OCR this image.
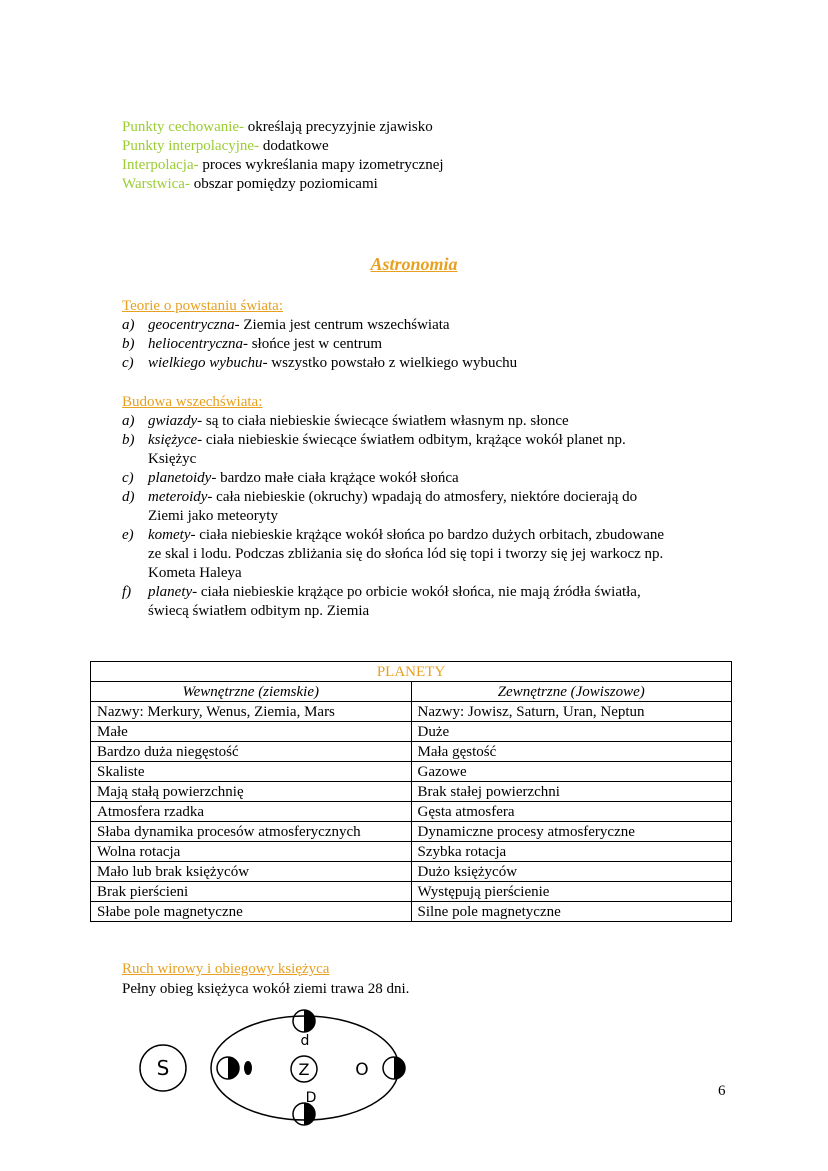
Punkty cechowanie- określają precyzyjnie zjawisko
Punkty interpolacyjne- dodatkowe
Interpolacja- proces wykreślania mapy izometrycznej
Warstwica- obszar pomiędzy poziomicami
Astronomia
Teorie o powstaniu świata:
a) geocentryczna- Ziemia jest centrum wszechświata
b) heliocentryczna- słońce jest w centrum
c) wielkiego wybuchu- wszystko powstało z wielkiego wybuchu
Budowa wszechświata:
a) gwiazdy- są to ciała niebieskie świecące światłem własnym np. słonce
b) księżyce- ciała niebieskie świecące światłem odbitym, krążące wokół planet np.
Księżyc
c) planetoidy- bardzo małe ciała krążące wokół słońca
d) meteroidy- cała niebieskie (okruchy) wpadają do atmosfery, niektóre docierają do
Ziemi jako meteoryty
e) komety- ciała niebieskie krążące wokół słońca po bardzo dużych orbitach, zbudowane
ze skal i lodu. Podczas zbliżania się do słońca lód się topi i tworzy się jej warkocz np.
Kometa Haleya
f) planety- ciała niebieskie krążące po orbicie wokół słońca, nie mają źródła światła,
świecą światłem odbitym np. Ziemia
PLANETY	
Wewnętrzne (ziemskie)	Zewnętrzne (Jowiszowe)
Nazwy: Merkury, Wenus, Ziemia, Mars	Nazwy: Jowisz, Saturn, Uran, Neptun
Małe	Duże
Bardzo duża niegęstość	Mała gęstość
Skaliste	Gazowe
Mają stałą powierzchnię	Brak stałej powierzchni
Atmosfera rzadka	Gęsta atmosfera
Słaba dynamika procesów atmosferycznych	Dynamiczne procesy atmosferyczne
Wolna rotacja	Szybka rotacja
Mało lub brak księżyców	Dużo księżyców
Brak pierścieni	Występują pierścienie
Słabe pole magnetyczne	Silne pole magnetyczne
Ruch wirowy i obiegowy księżyca
Pełny obieg księżyca wokół ziemi trawa 28 dni.
S	Z
d
D
O
6
